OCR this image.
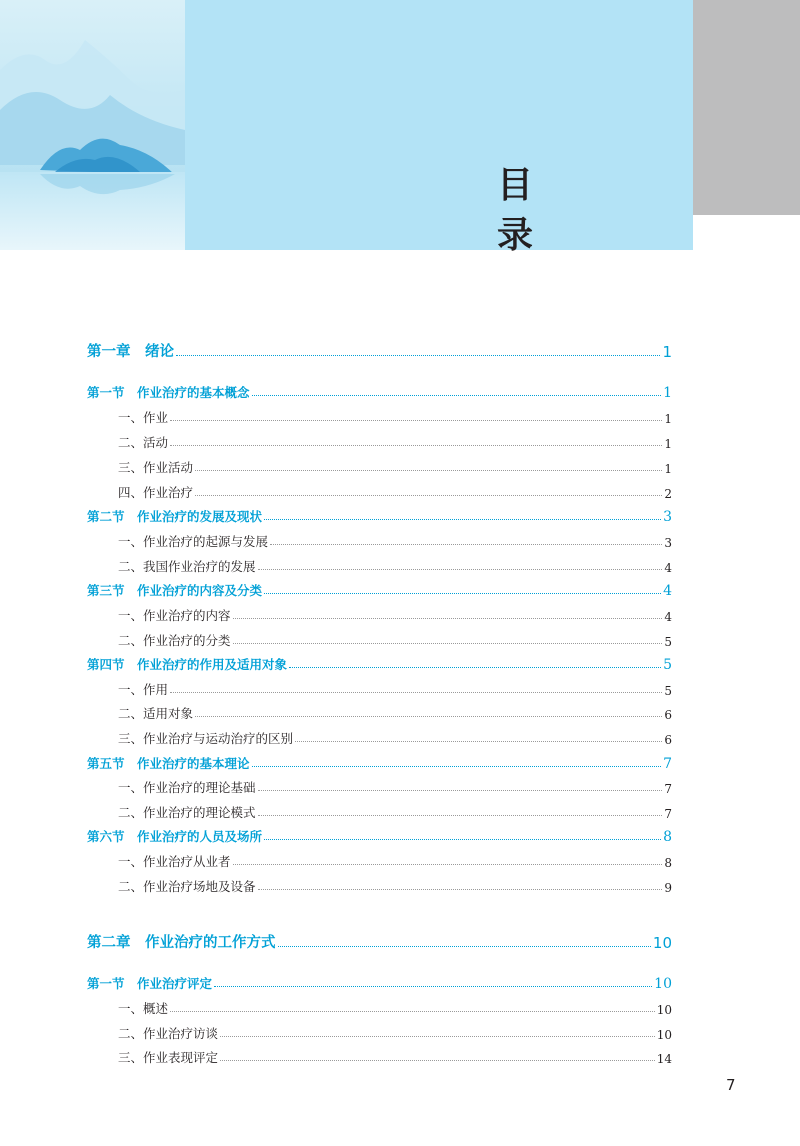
目　录
第一章　绪论	1
第一节　作业治疗的基本概念	1
一、作业	1
二、活动	1
三、作业活动	1
四、作业治疗	2
第二节　作业治疗的发展及现状	3
一、作业治疗的起源与发展	3
二、我国作业治疗的发展	4
第三节　作业治疗的内容及分类	4
一、作业治疗的内容	4
二、作业治疗的分类	5
第四节　作业治疗的作用及适用对象	5
一、作用	5
二、适用对象	6
三、作业治疗与运动治疗的区别	6
第五节　作业治疗的基本理论	7
一、作业治疗的理论基础	7
二、作业治疗的理论模式	7
第六节　作业治疗的人员及场所	8
一、作业治疗从业者	8
二、作业治疗场地及设备	9
第二章　作业治疗的工作方式	10
第一节　作业治疗评定	10
一、概述	10
二、作业治疗访谈	10
三、作业表现评定	14
7
